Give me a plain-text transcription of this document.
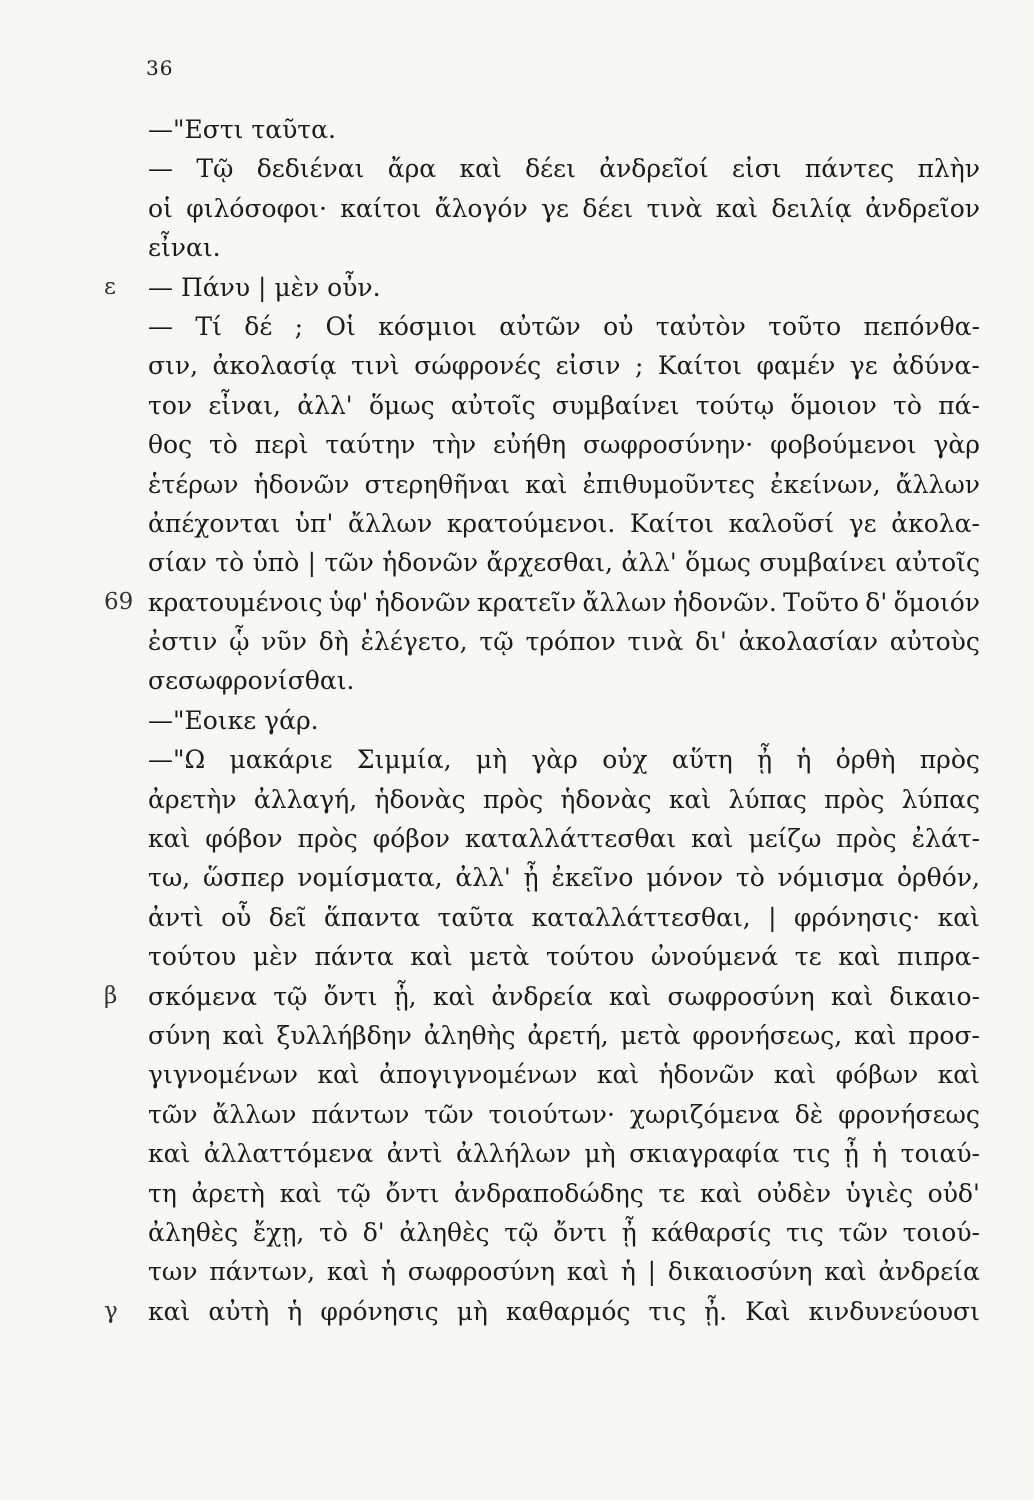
36
ε
69
β
γ
—"Εστι ταῦτα.
— Τῷ δεδιέναι ἄρα καὶ δέει ἀνδρεῖοί εἰσι πάντες πλὴν
οἱ φιλόσοφοι· καίτοι ἄλογόν γε δέει τινὰ καὶ δειλίᾳ ἀνδρεῖον
εἶναι.
— Πάνυ | μὲν οὖν.
— Τί δέ ; Οἱ κόσμιοι αὐτῶν οὐ ταὐτὸν τοῦτο πεπόνθα-
σιν, ἀκολασίᾳ τινὶ σώφρονές εἰσιν ; Καίτοι φαμέν γε ἀδύνα-
τον εἶναι, ἀλλ' ὅμως αὐτοῖς συμβαίνει τούτῳ ὅμοιον τὸ πά-
θος τὸ περὶ ταύτην τὴν εὐήθη σωφροσύνην· φοβούμενοι γὰρ
ἑτέρων ἡδονῶν στερηθῆναι καὶ ἐπιθυμοῦντες ἐκείνων, ἄλλων
ἀπέχονται ὑπ' ἄλλων κρατούμενοι. Καίτοι καλοῦσί γε ἀκολα-
σίαν τὸ ὑπὸ | τῶν ἡδονῶν ἄρχεσθαι, ἀλλ' ὅμως συμβαίνει αὐτοῖς
κρατουμένοις ὑφ' ἡδονῶν κρατεῖν ἄλλων ἡδονῶν. Τοῦτο δ' ὅμοιόν
ἐστιν ᾧ νῦν δὴ ἐλέγετο, τῷ τρόπον τινὰ δι' ἀκολασίαν αὐτοὺς
σεσωφρονίσθαι.
—"Εοικε γάρ.
—"Ω μακάριε Σιμμία, μὴ γὰρ οὐχ αὕτη ᾖ ἡ ὀρθὴ πρὸς
ἀρετὴν ἀλλαγή, ἡδονὰς πρὸς ἡδονὰς καὶ λύπας πρὸς λύπας
καὶ φόβον πρὸς φόβον καταλλάττεσθαι καὶ μείζω πρὸς ἐλάτ-
τω, ὥσπερ νομίσματα, ἀλλ' ᾖ ἐκεῖνο μόνον τὸ νόμισμα ὀρθόν,
ἀντὶ οὗ δεῖ ἅπαντα ταῦτα καταλλάττεσθαι, | φρόνησις· καὶ
τούτου μὲν πάντα καὶ μετὰ τούτου ὠνούμενά τε καὶ πιπρα-
σκόμενα τῷ ὄντι ᾖ, καὶ ἀνδρεία καὶ σωφροσύνη καὶ δικαιο-
σύνη καὶ ξυλλήβδην ἀληθὴς ἀρετή, μετὰ φρονήσεως, καὶ προσ-
γιγνομένων καὶ ἀπογιγνομένων καὶ ἡδονῶν καὶ φόβων καὶ
τῶν ἄλλων πάντων τῶν τοιούτων· χωριζόμενα δὲ φρονήσεως
καὶ ἀλλαττόμενα ἀντὶ ἀλλήλων μὴ σκιαγραφία τις ᾖ ἡ τοιαύ-
τη ἀρετὴ καὶ τῷ ὄντι ἀνδραποδώδης τε καὶ οὐδὲν ὑγιὲς οὐδ'
ἀληθὲς ἔχῃ, τὸ δ' ἀληθὲς τῷ ὄντι ᾖ κάθαρσίς τις τῶν τοιού-
των πάντων, καὶ ἡ σωφροσύνη καὶ ἡ | δικαιοσύνη καὶ ἀνδρεία
καὶ αὐτὴ ἡ φρόνησις μὴ καθαρμός τις ᾖ. Καὶ κινδυνεύουσι
